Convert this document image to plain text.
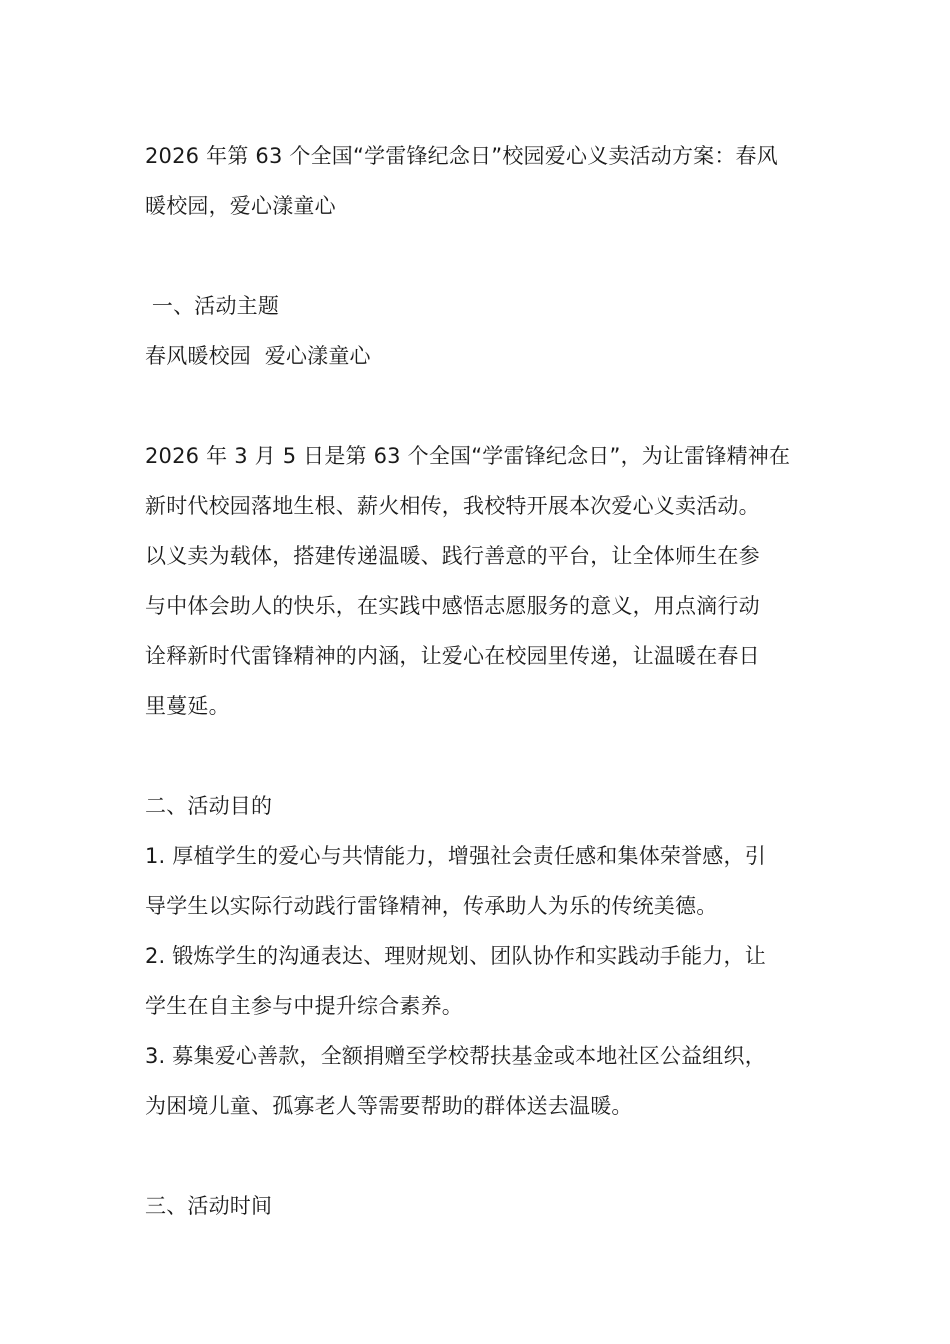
2026 年第 63 个全国“学雷锋纪念日”校园爱心义卖活动方案：春风
暖校园，爱心漾童心
一、活动主题
春风暖校园  爱心漾童心
2026 年 3 月 5 日是第 63 个全国“学雷锋纪念日”，为让雷锋精神在
新时代校园落地生根、薪火相传，我校特开展本次爱心义卖活动。
以义卖为载体，搭建传递温暖、践行善意的平台，让全体师生在参
与中体会助人的快乐，在实践中感悟志愿服务的意义，用点滴行动
诠释新时代雷锋精神的内涵，让爱心在校园里传递，让温暖在春日
里蔓延。
二、活动目的
1. 厚植学生的爱心与共情能力，增强社会责任感和集体荣誉感，引
导学生以实际行动践行雷锋精神，传承助人为乐的传统美德。
2. 锻炼学生的沟通表达、理财规划、团队协作和实践动手能力，让
学生在自主参与中提升综合素养。
3. 募集爱心善款，全额捐赠至学校帮扶基金或本地社区公益组织，
为困境儿童、孤寡老人等需要帮助的群体送去温暖。
三、活动时间
